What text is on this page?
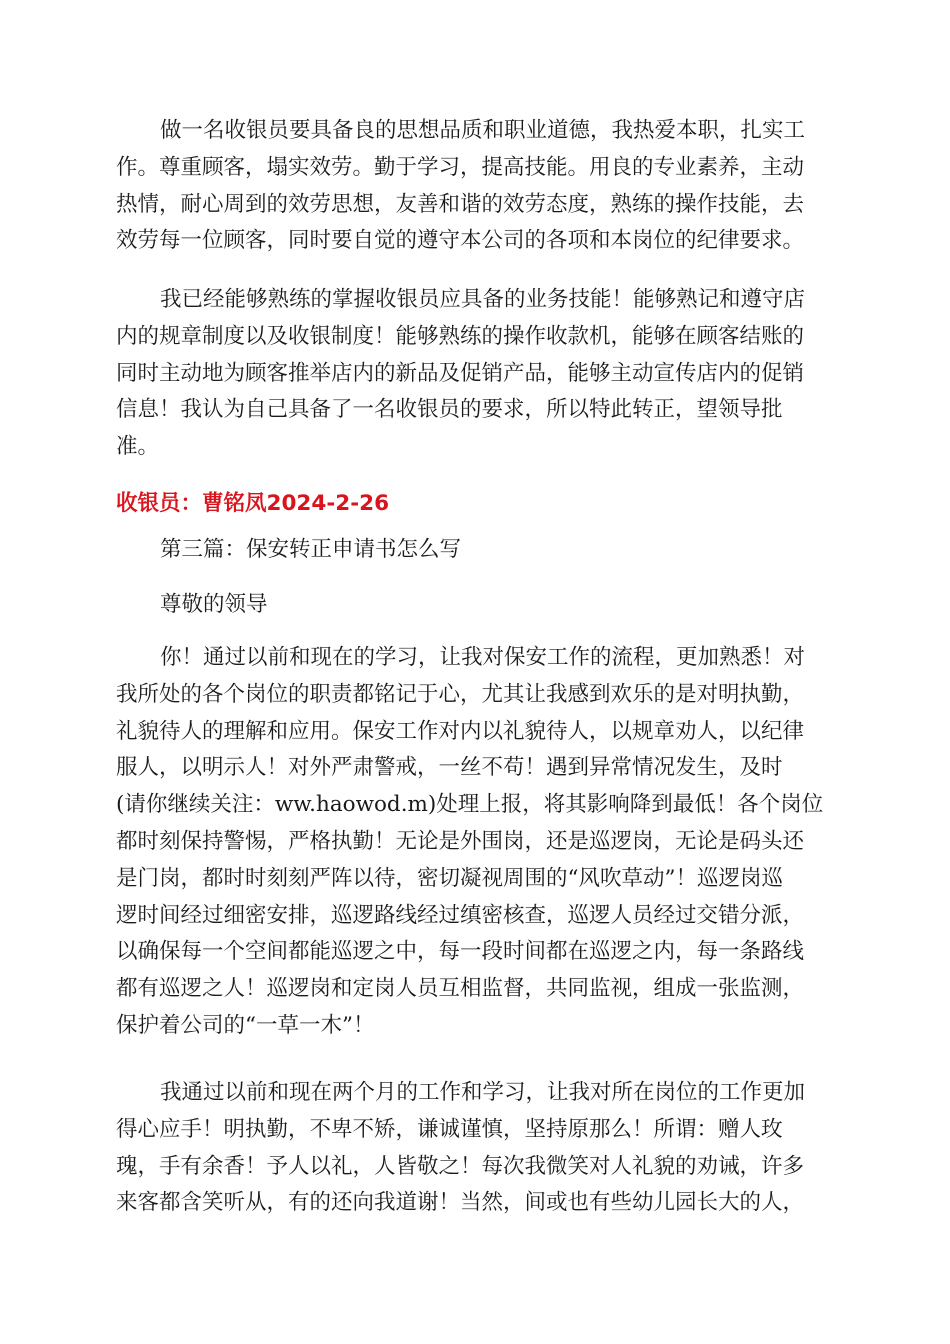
做一名收银员要具备良的思想品质和职业道德，我热爱本职，扎实工
作。尊重顾客，塌实效劳。勤于学习，提高技能。用良的专业素养，主动
热情，耐心周到的效劳思想，友善和谐的效劳态度，熟练的操作技能，去
效劳每一位顾客，同时要自觉的遵守本公司的各项和本岗位的纪律要求。
我已经能够熟练的掌握收银员应具备的业务技能！能够熟记和遵守店
内的规章制度以及收银制度！能够熟练的操作收款机，能够在顾客结账的
同时主动地为顾客推举店内的新品及促销产品，能够主动宣传店内的促销
信息！我认为自己具备了一名收银员的要求，所以特此转正，望领导批
准。
收银员：曹铭凤2024-2-26
第三篇：保安转正申请书怎么写
尊敬的领导
你！通过以前和现在的学习，让我对保安工作的流程，更加熟悉！对
我所处的各个岗位的职责都铭记于心，尤其让我感到欢乐的是对明执勤，
礼貌待人的理解和应用。保安工作对内以礼貌待人，以规章劝人，以纪律
服人，以明示人！对外严肃警戒，一丝不苟！遇到异常情况发生，及时
(请你继续关注：ww.haowod.m)处理上报，将其影响降到最低！各个岗位
都时刻保持警惕，严格执勤！无论是外围岗，还是巡逻岗，无论是码头还
是门岗，都时时刻刻严阵以待，密切凝视周围的“风吹草动”！巡逻岗巡
逻时间经过细密安排，巡逻路线经过缜密核查，巡逻人员经过交错分派，
以确保每一个空间都能巡逻之中，每一段时间都在巡逻之内，每一条路线
都有巡逻之人！巡逻岗和定岗人员互相监督，共同监视，组成一张监测，
保护着公司的“一草一木”！
我通过以前和现在两个月的工作和学习，让我对所在岗位的工作更加
得心应手！明执勤，不卑不矫，谦诚谨慎，坚持原那么！所谓：赠人玫
瑰，手有余香！予人以礼，人皆敬之！每次我微笑对人礼貌的劝诫，许多
来客都含笑听从，有的还向我道谢！当然，间或也有些幼儿园长大的人，
